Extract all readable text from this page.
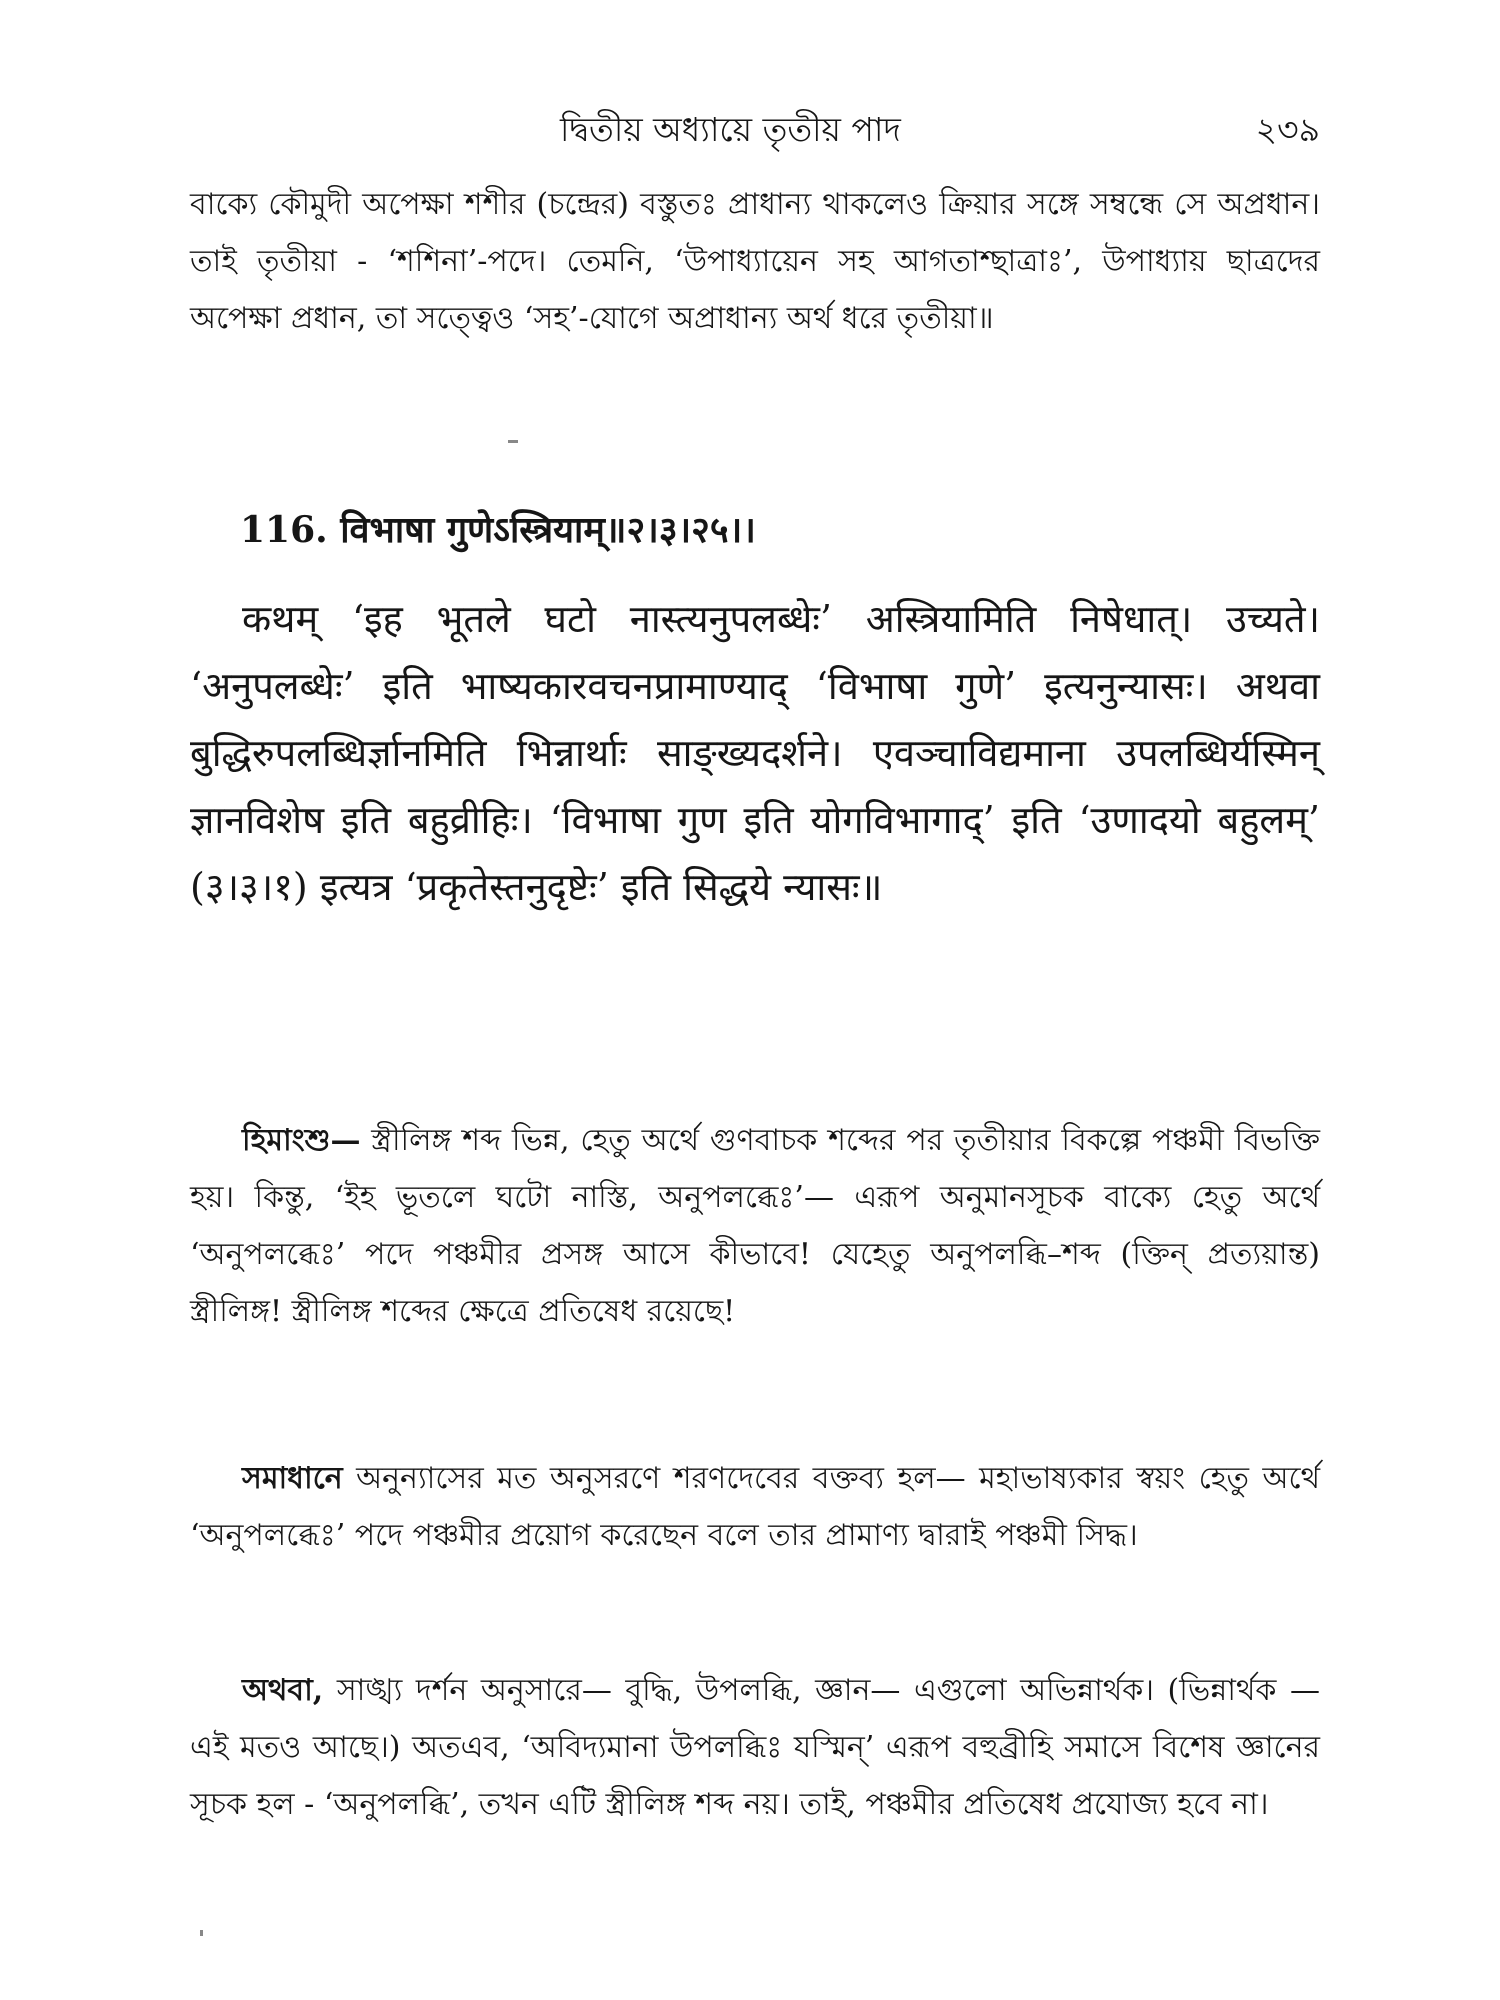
দ্বিতীয় অধ্যায়ে তৃতীয় পাদ	২৩৯

বাক্যে কৌমুদী অপেক্ষা শশীর (চন্দ্রের) বস্তুতঃ প্রাধান্য থাকলেও ক্রিয়ার সঙ্গে সম্বন্ধে সে অপ্রধান। তাই তৃতীয়া - ‘শশিনা’-পদে। তেমনি, ‘উপাধ্যায়েন সহ আগতাশ্ছাত্রাঃ’, উপাধ্যায় ছাত্রদের অপেক্ষা প্রধান, তা সত্ত্বেও ‘সহ’-যোগে অপ্রাধান্য অর্থ ধরে তৃতীয়া॥

116. विभाषा गुणेऽस्त्रियाम्॥२।३।२५।।

कथम् ‘इह भूतले घटो नास्त्यनुपलब्धेः’ अस्त्रियामिति निषेधात्। उच्यते। ‘अनुपलब्धेः’ इति भाष्यकारवचनप्रामाण्याद् ‘विभाषा गुणे’ इत्यनुन्यासः। अथवा बुद्धिरुपलब्धिर्ज्ञानमिति भिन्नार्थाः साङ्ख्यदर्शने। एवञ्चाविद्यमाना उपलब्धिर्यस्मिन् ज्ञानविशेष इति बहुव्रीहिः। ‘विभाषा गुण इति योगविभागाद्’ इति ‘उणादयो बहुलम्’ (३।३।१) इत्यत्र ‘प्रकृतेस्तनुदृष्टेः’ इति सिद्धये न्यासः॥

হিমাংশু— স্ত্রীলিঙ্গ শব্দ ভিন্ন, হেতু অর্থে গুণবাচক শব্দের পর তৃতীয়ার বিকল্পে পঞ্চমী বিভক্তি হয়। কিন্তু, ‘ইহ ভূতলে ঘটো নাস্তি, অনুপলব্ধেঃ’— এরূপ অনুমানসূচক বাক্যে হেতু অর্থে ‘অনুপলব্ধেঃ’ পদে পঞ্চমীর প্রসঙ্গ আসে কীভাবে! যেহেতু অনুপলব্ধি–শব্দ (ক্তিন্ প্রত্যয়ান্ত) স্ত্রীলিঙ্গ! স্ত্রীলিঙ্গ শব্দের ক্ষেত্রে প্রতিষেধ রয়েছে!

সমাধানে অনুন্যাসের মত অনুসরণে শরণদেবের বক্তব্য হল— মহাভাষ্যকার স্বয়ং হেতু অর্থে ‘অনুপলব্ধেঃ’ পদে পঞ্চমীর প্রয়োগ করেছেন বলে তার প্রামাণ্য দ্বারাই পঞ্চমী সিদ্ধ।

অথবা, সাঙ্খ্য দর্শন অনুসারে— বুদ্ধি, উপলব্ধি, জ্ঞান— এগুলো অভিন্নার্থক। (ভিন্নার্থক — এই মতও আছে।) অতএব, ‘অবিদ্যমানা উপলব্ধিঃ যস্মিন্’ এরূপ বহুব্রীহি সমাসে বিশেষ জ্ঞানের সূচক হল - ‘অনুপলব্ধি’, তখন এটি স্ত্রীলিঙ্গ শব্দ নয়। তাই, পঞ্চমীর প্রতিষেধ প্রযোজ্য হবে না।
